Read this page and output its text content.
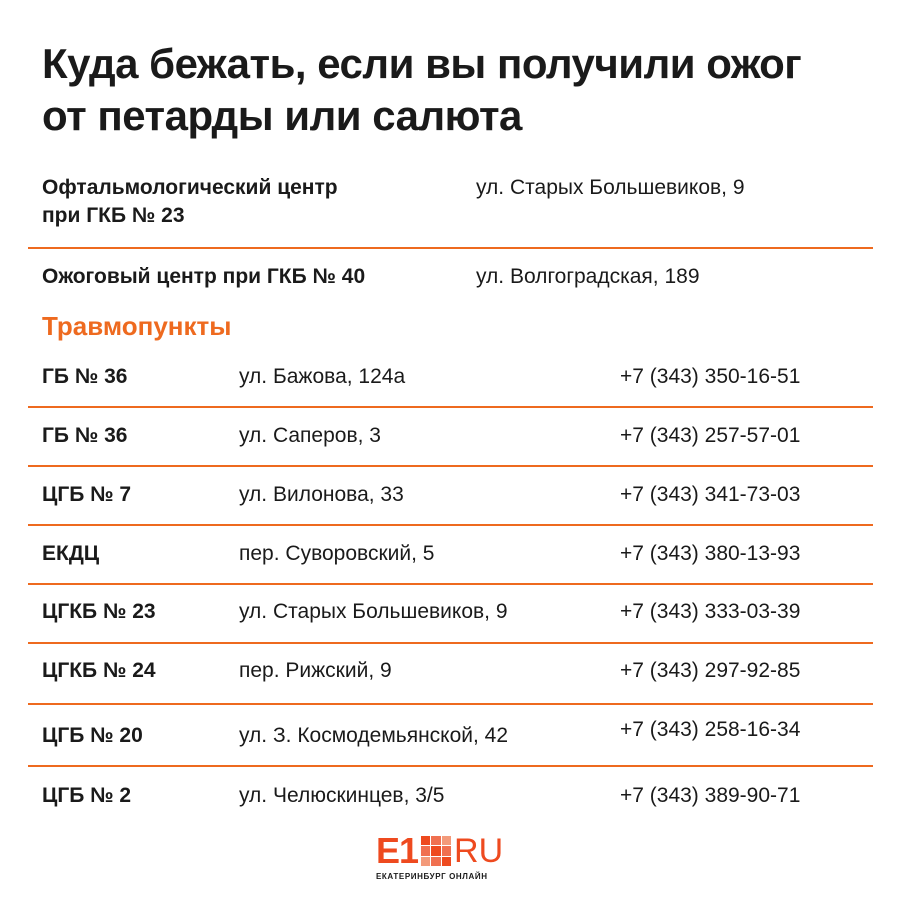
Куда бежать, если вы получили ожог
от петарды или салюта
Офтальмологический центр
при ГКБ № 23
ул. Старых Большевиков, 9
Ожоговый центр при ГКБ № 40	ул. Волгоградская, 189
Травмопункты
ГБ № 36	ул. Бажова, 124а	+7 (343) 350-16-51
ГБ № 36	ул. Саперов, 3	+7 (343) 257-57-01
ЦГБ № 7	ул. Вилонова, 33	+7 (343) 341-73-03
ЕКДЦ	пер. Суворовский, 5	+7 (343) 380-13-93
ЦГКБ № 23	ул. Старых Большевиков, 9	+7 (343) 333-03-39
ЦГКБ № 24	пер. Рижский, 9	+7 (343) 297-92-85
ЦГБ № 20	ул. З. Космодемьянской, 42	+7 (343) 258-16-34
ЦГБ № 2	ул. Челюскинцев, 3/5	+7 (343) 389-90-71
E1 RU
ЕКАТЕРИНБУРГ ОНЛАЙН
